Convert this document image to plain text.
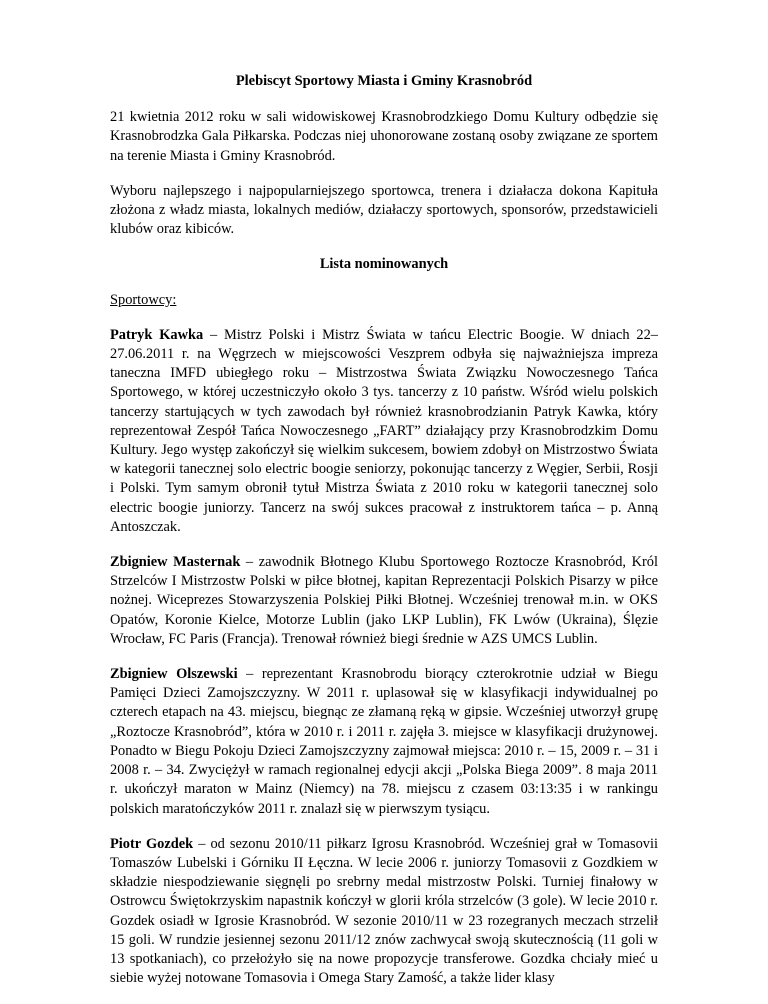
Plebiscyt Sportowy Miasta i Gminy Krasnobród

21 kwietnia 2012 roku w sali widowiskowej Krasnobrodzkiego Domu Kultury odbędzie się Krasnobrodzka Gala Piłkarska. Podczas niej uhonorowane zostaną osoby związane ze sportem na terenie Miasta i Gminy Krasnobród.

Wyboru najlepszego i najpopularniejszego sportowca, trenera i działacza dokona Kapituła złożona z władz miasta, lokalnych mediów, działaczy sportowych, sponsorów, przedstawicieli klubów oraz kibiców.

Lista nominowanych

Sportowcy:

Patryk Kawka – Mistrz Polski i Mistrz Świata w tańcu Electric Boogie. W dniach 22–27.06.2011 r. na Węgrzech w miejscowości Veszprem odbyła się najważniejsza impreza taneczna IMFD ubiegłego roku – Mistrzostwa Świata Związku Nowoczesnego Tańca Sportowego, w której uczestniczyło około 3 tys. tancerzy z 10 państw. Wśród wielu polskich tancerzy startujących w tych zawodach był również krasnobrodzianin Patryk Kawka, który reprezentował Zespół Tańca Nowoczesnego „FART” działający przy Krasnobrodzkim Domu Kultury. Jego występ zakończył się wielkim sukcesem, bowiem zdobył on Mistrzostwo Świata w kategorii tanecznej solo electric boogie seniorzy, pokonując tancerzy z Węgier, Serbii, Rosji i Polski. Tym samym obronił tytuł Mistrza Świata z 2010 roku w kategorii tanecznej solo electric boogie juniorzy. Tancerz na swój sukces pracował z instruktorem tańca – p. Anną Antoszczak.

Zbigniew Masternak – zawodnik Błotnego Klubu Sportowego Roztocze Krasnobród, Król Strzelców I Mistrzostw Polski w piłce błotnej, kapitan Reprezentacji Polskich Pisarzy w piłce nożnej. Wiceprezes Stowarzyszenia Polskiej Piłki Błotnej. Wcześniej trenował m.in. w OKS Opatów, Koronie Kielce, Motorze Lublin (jako LKP Lublin), FK Lwów (Ukraina), Ślęzie Wrocław, FC Paris (Francja). Trenował również biegi średnie w AZS UMCS Lublin.

Zbigniew Olszewski – reprezentant Krasnobrodu biorący czterokrotnie udział w Biegu Pamięci Dzieci Zamojszczyzny. W 2011 r. uplasował się w klasyfikacji indywidualnej po czterech etapach na 43. miejscu, biegnąc ze złamaną ręką w gipsie. Wcześniej utworzył grupę „Roztocze Krasnobród”, która w 2010 r. i 2011 r. zajęła 3. miejsce w klasyfikacji drużynowej. Ponadto w Biegu Pokoju Dzieci Zamojszczyzny zajmował miejsca: 2010 r. – 15, 2009 r. – 31 i 2008 r. – 34. Zwyciężył w ramach regionalnej edycji akcji „Polska Biega 2009”. 8 maja 2011 r. ukończył maraton w Mainz (Niemcy) na 78. miejscu z czasem 03:13:35 i w rankingu polskich maratończyków 2011 r. znalazł się w pierwszym tysiącu.

Piotr Gozdek – od sezonu 2010/11 piłkarz Igrosu Krasnobród. Wcześniej grał w Tomasovii Tomaszów Lubelski i Górniku II Łęczna. W lecie 2006 r. juniorzy Tomasovii z Gozdkiem w składzie niespodziewanie sięgnęli po srebrny medal mistrzostw Polski. Turniej finałowy w Ostrowcu Świętokrzyskim napastnik kończył w glorii króla strzelców (3 gole). W lecie 2010 r. Gozdek osiadł w Igrosie Krasnobród. W sezonie 2010/11 w 23 rozegranych meczach strzelił 15 goli. W rundzie jesiennej sezonu 2011/12 znów zachwycał swoją skutecznością (11 goli w 13 spotkaniach), co przełożyło się na nowe propozycje transferowe. Gozdka chciały mieć u siebie wyżej notowane Tomasovia i Omega Stary Zamość, a także lider klasy
